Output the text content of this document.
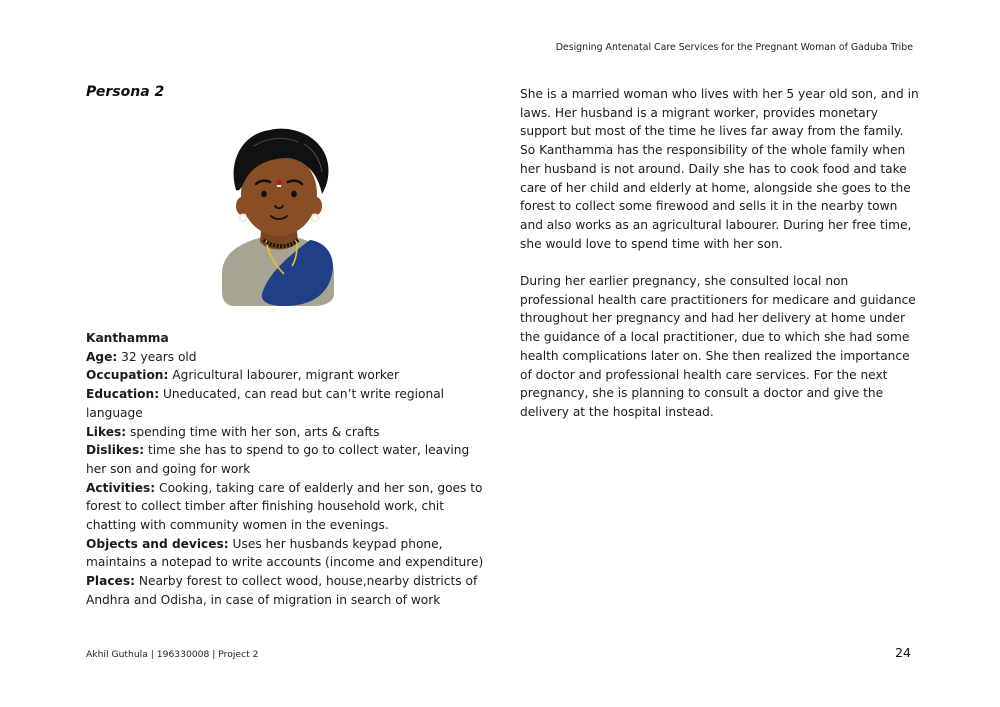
Designing Antenatal Care Services for the Pregnant Woman of Gaduba Tribe
Persona 2
Kanthamma
Age: 32 years old
Occupation: Agricultural labourer, migrant worker
Education: Uneducated, can read but can’t write regional language
Likes: spending time with her son, arts & crafts
Dislikes: time she has to spend to go to collect water, leaving her son and going for work
Activities: Cooking, taking care of ealderly and her son, goes to forest to collect timber after finishing household work, chit chatting with community women in the evenings.
Objects and devices: Uses her husbands keypad phone, maintains a notepad to write accounts (income and expenditure)
Places: Nearby forest to collect wood, house,nearby districts of Andhra and Odisha, in case of migration in search of work

She is a married woman who lives with her 5 year old son, and in laws. Her husband is a migrant worker, provides monetary support but most of the time he lives far away from the family. So Kanthamma has the responsibility of the whole family when her husband is not around. Daily she has to cook food and take care of her child and elderly at home, alongside she goes to the forest to collect some firewood and sells it in the nearby town and also works as an agricultural labourer. During her free time, she would love to spend time with her son.

During her earlier pregnancy, she consulted local non professional health care practitioners for medicare and guidance throughout her pregnancy and had her delivery at home under the guidance of a local practitioner, due to which she had some health complications later on. She then realized the importance of doctor and professional health care services. For the next pregnancy, she is planning to consult a doctor and give the delivery at the hospital instead.

Akhil Guthula | 196330008 | Project 2	24
